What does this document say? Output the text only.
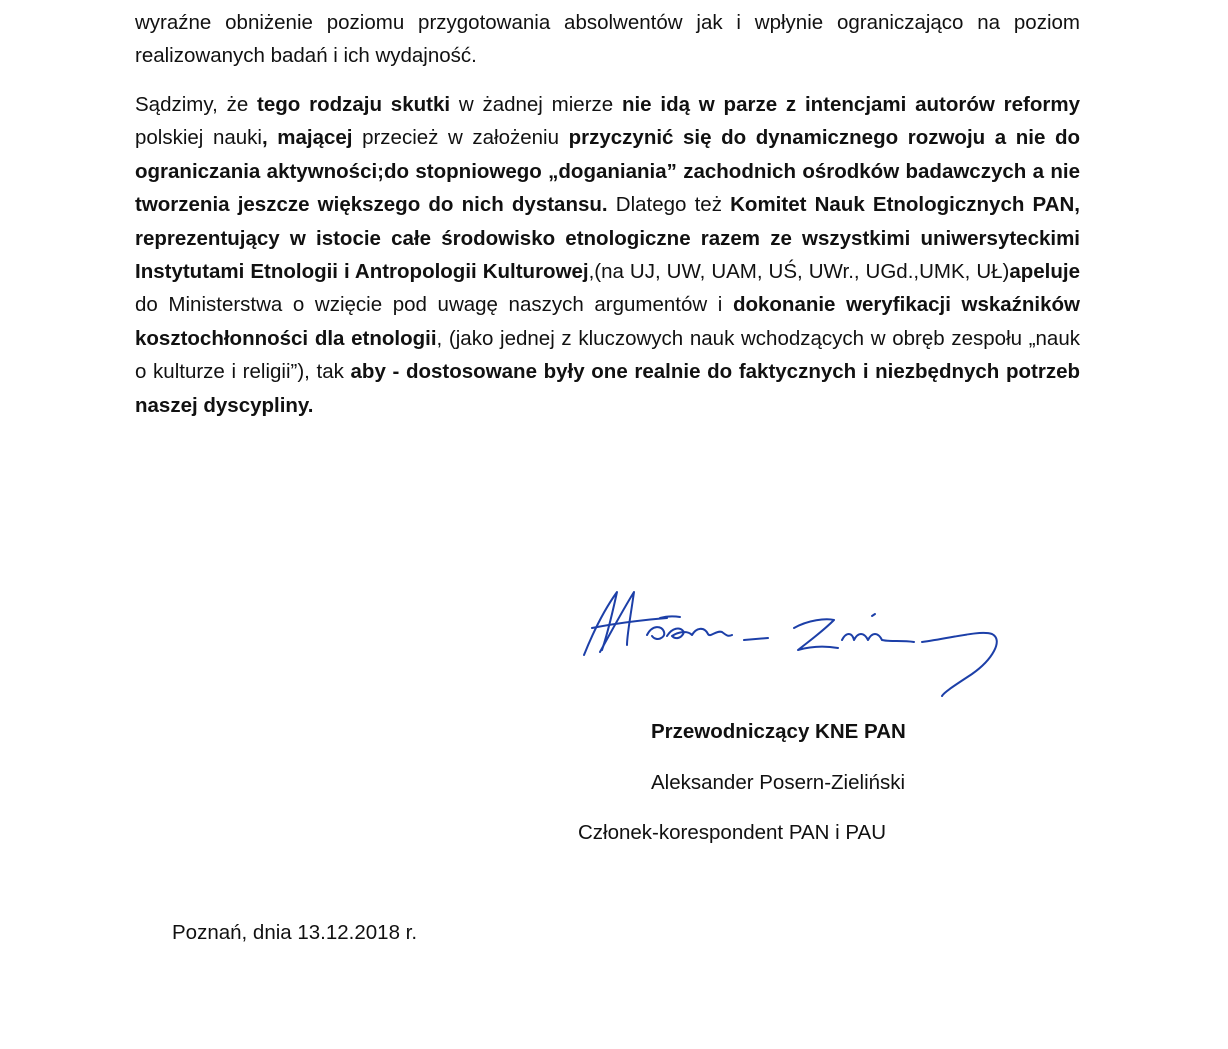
wyraźne obniżenie poziomu przygotowania absolwentów jak i wpłynie ograniczająco na poziom realizowanych badań i ich wydajność.

Sądzimy, że tego rodzaju skutki w żadnej mierze nie idą w parze z intencjami autorów reformy polskiej nauki, mającej przecież w założeniu przyczynić się do dynamicznego rozwoju a nie do ograniczania aktywności;do stopniowego „doganiania” zachodnich ośrodków badawczych a nie tworzenia jeszcze większego do nich dystansu. Dlatego też Komitet Nauk Etnologicznych PAN, reprezentujący w istocie całe środowisko etnologiczne razem ze wszystkimi uniwersyteckimi Instytutami Etnologii i Antropologii Kulturowej,(na UJ, UW, UAM, UŚ, UWr., UGd.,UMK, UŁ)apeluje do Ministerstwa o wzięcie pod uwagę naszych argumentów i dokonanie weryfikacji wskaźników kosztochłonności dla etnologii, (jako jednej z kluczowych nauk wchodzących w obręb zespołu „nauk o kulturze i religii”), tak aby - dostosowane były one realnie do faktycznych i niezbędnych potrzeb naszej dyscypliny.

Przewodniczący KNE PAN

Aleksander Posern-Zieliński

Członek-korespondent PAN i PAU

Poznań, dnia 13.12.2018 r.
